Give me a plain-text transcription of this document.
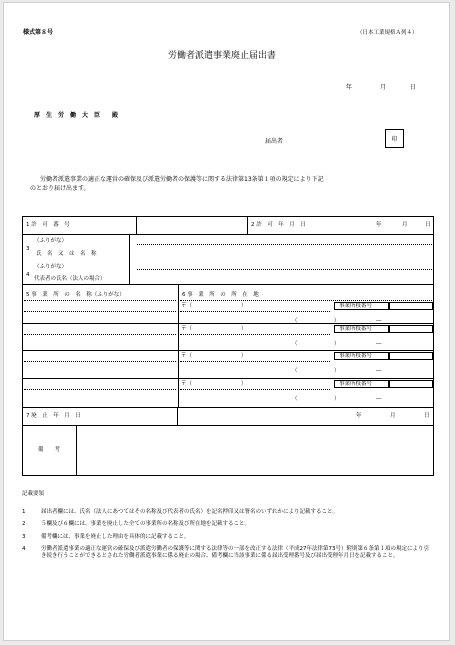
様式第８号	（日本工業規格Ａ列４）
労働者派遣事業廃止届出書
年	月	日
厚　生　労　働　大　臣　　殿
届出者	印
労働者派遣事業の適正な運営の確保及び派遣労働者の保護等に関する法律第13条第１項の規定により下記
のとおり届け出ます。
1 許　可　番　号	2 許　可　年　月　日	年	月	日
（ふりがな）
3
氏　名　又　は　名　称
（ふりがな）
4
代表者の氏名（法人の場合）
5 事　業　所　の　名　称（ふりがな）	6 事　業　所　の　所　在　地
〒（	）	事業所枝番号
（	）	―
〒（	）	事業所枝番号
（	）	―
〒（	）	事業所枝番号
（	）	―
〒（	）	事業所枝番号
（	）	―
7 廃　止　年　月　日	年	月	日
備　　考
記載要領
1	届出者欄には、氏名（法人にあつてはその名称及び代表者の氏名）を記名押印又は署名のいずれかにより記載すること。
2	５欄及び６欄には、事業を廃止した全ての事業所の名称及び所在地を記載すること。
3	備考欄には、事業を廃止した理由を具体的に記載すること。
4	労働者派遣事業の適正な運営の確保及び派遣労働者の保護等に関する法律等の一部を改正する法律（平成27年法律第73号）附則第６条第１項の規定により引き続き行うことができるとされた労働者派遣事業に係る廃止の場合、備考欄に当該事業に係る届出受理番号及び届出受理年月日を記載すること。
